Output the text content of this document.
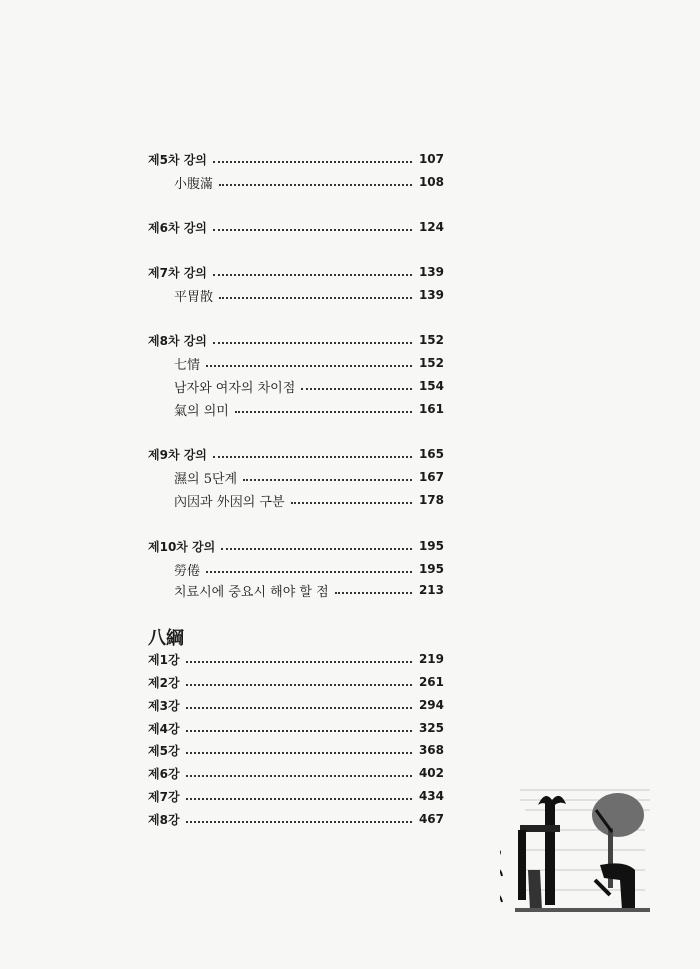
제5차 강의	107
小腹滿	108
제6차 강의	124
제7차 강의	139
平胃散	139
제8차 강의	152
七情	152
남자와 여자의 차이점	154
氣의 의미	161
제9차 강의	165
濕의 5단계	167
內因과 外因의 구분	178
제10차 강의	195
勞倦	195
치료시에 중요시 해야 할 점	213
八綱
제1강	219
제2강	261
제3강	294
제4강	325
제5강	368
제6강	402
제7강	434
제8강	467
